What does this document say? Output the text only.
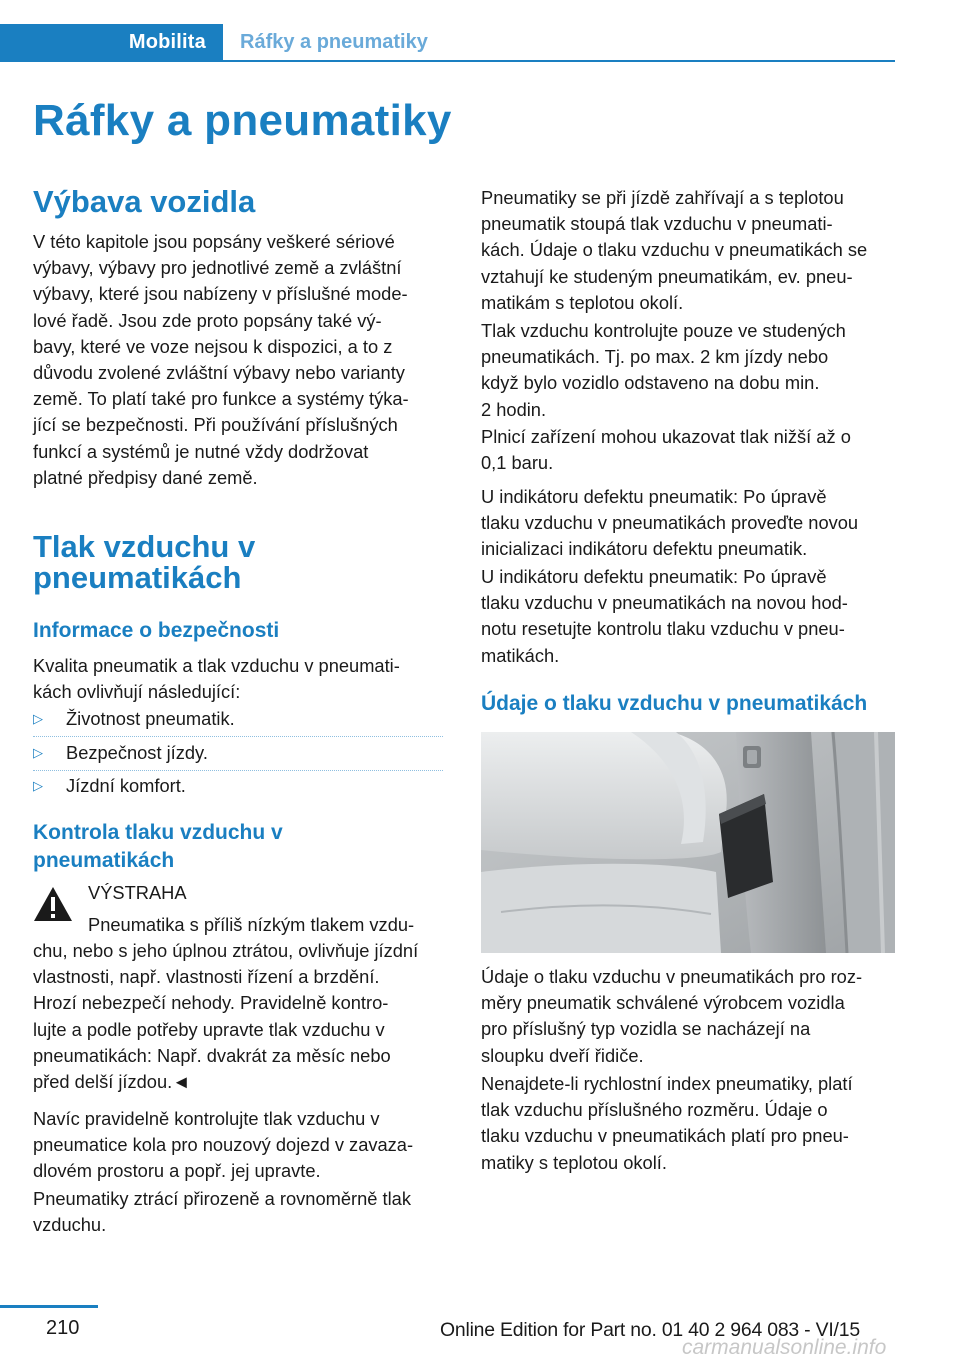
Mobilita Ráfky a pneumatiky
Ráfky a pneumatiky
Výbava vozidla
V této kapitole jsou popsány veškeré sériové
výbavy, výbavy pro jednotlivé země a zvláštní
výbavy, které jsou nabízeny v příslušné mode‐
lové řadě. Jsou zde proto popsány také vý‐
bavy, které ve voze nejsou k dispozici, a to z
důvodu zvolené zvláštní výbavy nebo varianty
země. To platí také pro funkce a systémy týka‐
jící se bezpečnosti. Při používání příslušných
funkcí a systémů je nutné vždy dodržovat
platné předpisy dané země.
Tlak vzduchu v
pneumatikách
Informace o bezpečnosti
Kvalita pneumatik a tlak vzduchu v pneumati‐
kách ovlivňují následující:
▷	Životnost pneumatik.
▷	Bezpečnost jízdy.
▷	Jízdní komfort.
Kontrola tlaku vzduchu v
pneumatikách
VÝSTRAHA
Pneumatika s příliš nízkým tlakem vzdu‐
chu, nebo s jeho úplnou ztrátou, ovlivňuje jízdní
vlastnosti, např. vlastnosti řízení a brzdění.
Hrozí nebezpečí nehody. Pravidelně kontro‐
lujte a podle potřeby upravte tlak vzduchu v
pneumatikách: Např. dvakrát za měsíc nebo
před delší jízdou.◄
Navíc pravidelně kontrolujte tlak vzduchu v
pneumatice kola pro nouzový dojezd v zavaza‐
dlovém prostoru a popř. jej upravte.
Pneumatiky ztrácí přirozeně a rovnoměrně tlak
vzduchu.
Pneumatiky se při jízdě zahřívají a s teplotou
pneumatik stoupá tlak vzduchu v pneumati‐
kách. Údaje o tlaku vzduchu v pneumatikách se
vztahují ke studeným pneumatikám, ev. pneu‐
matikám s teplotou okolí.
Tlak vzduchu kontrolujte pouze ve studených
pneumatikách. Tj. po max. 2 km jízdy nebo
když bylo vozidlo odstaveno na dobu min.
2 hodin.
Plnicí zařízení mohou ukazovat tlak nižší až o
0,1 baru.
U indikátoru defektu pneumatik: Po úpravě
tlaku vzduchu v pneumatikách proveďte novou
inicializaci indikátoru defektu pneumatik.
U indikátoru defektu pneumatik: Po úpravě
tlaku vzduchu v pneumatikách na novou hod‐
notu resetujte kontrolu tlaku vzduchu v pneu‐
matikách.
Údaje o tlaku vzduchu v pneumatikách
Údaje o tlaku vzduchu v pneumatikách pro roz‐
měry pneumatik schválené výrobcem vozidla
pro příslušný typ vozidla se nacházejí na
sloupku dveří řidiče.
Nenajdete-li rychlostní index pneumatiky, platí
tlak vzduchu příslušného rozměru. Údaje o
tlaku vzduchu v pneumatikách platí pro pneu‐
matiky s teplotou okolí.
210	Online Edition for Part no. 01 40 2 964 083 - VI/15
carmanualsonline.info
